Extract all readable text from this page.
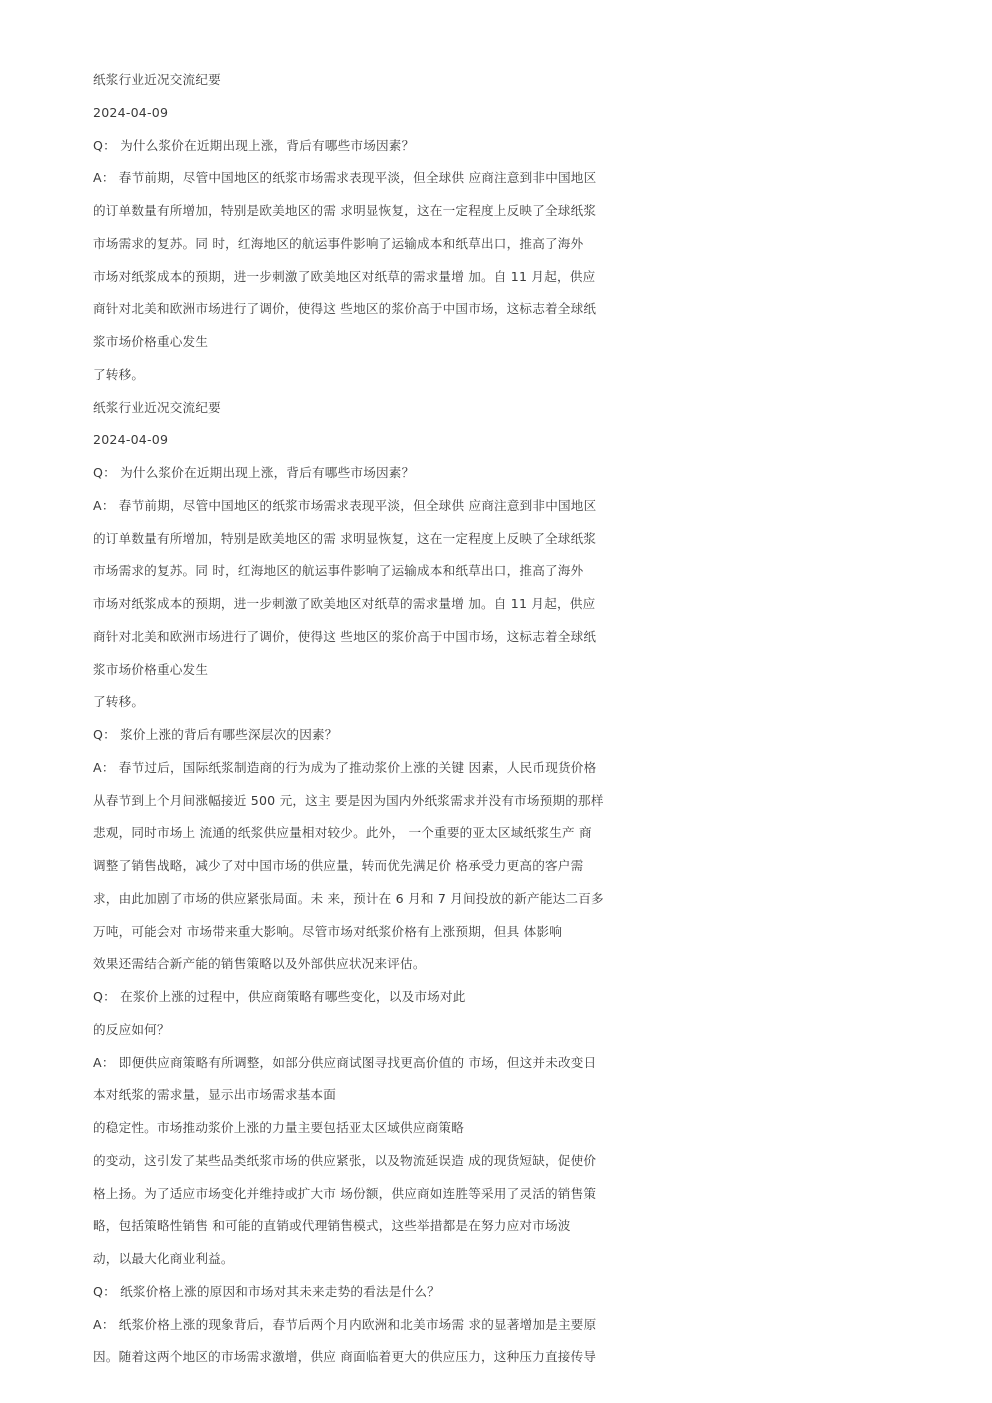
纸浆行业近况交流纪要
2024-04-09
Q： 为什么浆价在近期出现上涨，背后有哪些市场因素？
A： 春节前期，尽管中国地区的纸浆市场需求表现平淡，但全球供 应商注意到非中国地区
的订单数量有所增加，特别是欧美地区的需 求明显恢复，这在一定程度上反映了全球纸浆
市场需求的复苏。同 时，红海地区的航运事件影响了运输成本和纸草出口，推高了海外
市场对纸浆成本的预期，进一步刺激了欧美地区对纸草的需求量增 加。自 11 月起，供应
商针对北美和欧洲市场进行了调价，使得这 些地区的浆价高于中国市场，这标志着全球纸
浆市场价格重心发生
了转移。
纸浆行业近况交流纪要
2024-04-09
Q： 为什么浆价在近期出现上涨，背后有哪些市场因素？
A： 春节前期，尽管中国地区的纸浆市场需求表现平淡，但全球供 应商注意到非中国地区
的订单数量有所增加，特别是欧美地区的需 求明显恢复，这在一定程度上反映了全球纸浆
市场需求的复苏。同 时，红海地区的航运事件影响了运输成本和纸草出口，推高了海外
市场对纸浆成本的预期，进一步刺激了欧美地区对纸草的需求量增 加。自 11 月起，供应
商针对北美和欧洲市场进行了调价，使得这 些地区的浆价高于中国市场，这标志着全球纸
浆市场价格重心发生
了转移。
Q： 浆价上涨的背后有哪些深层次的因素？
A： 春节过后，国际纸浆制造商的行为成为了推动浆价上涨的关键 因素，人民币现货价格
从春节到上个月间涨幅接近 500 元，这主 要是因为国内外纸浆需求并没有市场预期的那样
悲观，同时市场上 流通的纸浆供应量相对较少。此外， 一个重要的亚太区域纸浆生产 商
调整了销售战略，减少了对中国市场的供应量，转而优先满足价 格承受力更高的客户需
求，由此加剧了市场的供应紧张局面。未 来，预计在 6 月和 7 月间投放的新产能达二百多
万吨，可能会对 市场带来重大影响。尽管市场对纸浆价格有上涨预期，但具 体影响
效果还需结合新产能的销售策略以及外部供应状况来评估。
Q： 在浆价上涨的过程中，供应商策略有哪些变化，以及市场对此
的反应如何？
A： 即便供应商策略有所调整，如部分供应商试图寻找更高价值的 市场，但这并未改变日
本对纸浆的需求量，显示出市场需求基本面
的稳定性。市场推动浆价上涨的力量主要包括亚太区域供应商策略
的变动，这引发了某些品类纸浆市场的供应紧张，以及物流延误造 成的现货短缺，促使价
格上扬。为了适应市场变化并维持或扩大市 场份额，供应商如连胜等采用了灵活的销售策
略，包括策略性销售 和可能的直销或代理销售模式，这些举措都是在努力应对市场波
动，以最大化商业利益。
Q： 纸浆价格上涨的原因和市场对其未来走势的看法是什么？
A： 纸浆价格上涨的现象背后，春节后两个月内欧洲和北美市场需 求的显著增加是主要原
因。随着这两个地区的市场需求激增，供应 商面临着更大的供应压力，这种压力直接传导
